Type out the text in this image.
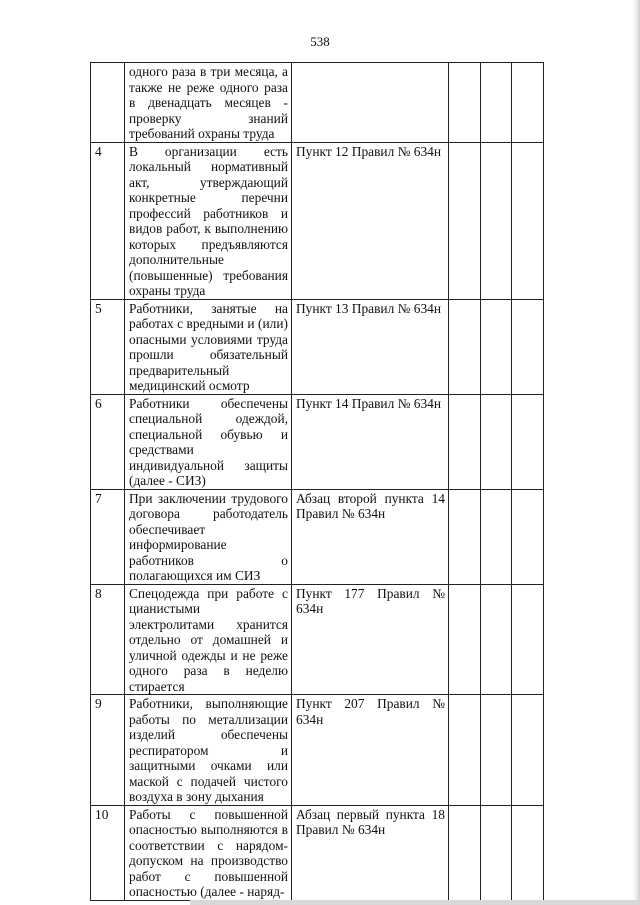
538
	одного раза в три месяца, а также не реже одного раза в двенадцать месяцев - проверку знаний требований охраны труда				
4	В организации есть локальный нормативный акт, утверждающий конкретные перечни профессий работников и видов работ, к выполнению которых предъявляются дополнительные (повышенные) требования охраны труда	Пункт 12 Правил № 634н			
5	Работники, занятые на работах с вредными и (или) опасными условиями труда прошли обязательный предварительный медицинский осмотр	Пункт 13 Правил № 634н			
6	Работники обеспечены специальной одеждой, специальной обувью и средствами индивидуальной защиты (далее - СИЗ)	Пункт 14 Правил № 634н			
7	При заключении трудового договора работодатель обеспечивает информирование работников о полагающихся им СИЗ	Абзац второй пункта 14 Правил № 634н			
8	Спецодежда при работе с цианистыми электролитами хранится отдельно от домашней и уличной одежды и не реже одного раза в неделю стирается	Пункт 177 Правил № 634н			
9	Работники, выполняющие работы по металлизации изделий обеспечены респиратором и защитными очками или маской с подачей чистого воздуха в зону дыхания	Пункт 207 Правил № 634н			
10	Работы с повышенной опасностью выполняются в соответствии с нарядом-допуском на производство работ с повышенной опасностью (далее - наряд-	Абзац первый пункта 18 Правил № 634н			
